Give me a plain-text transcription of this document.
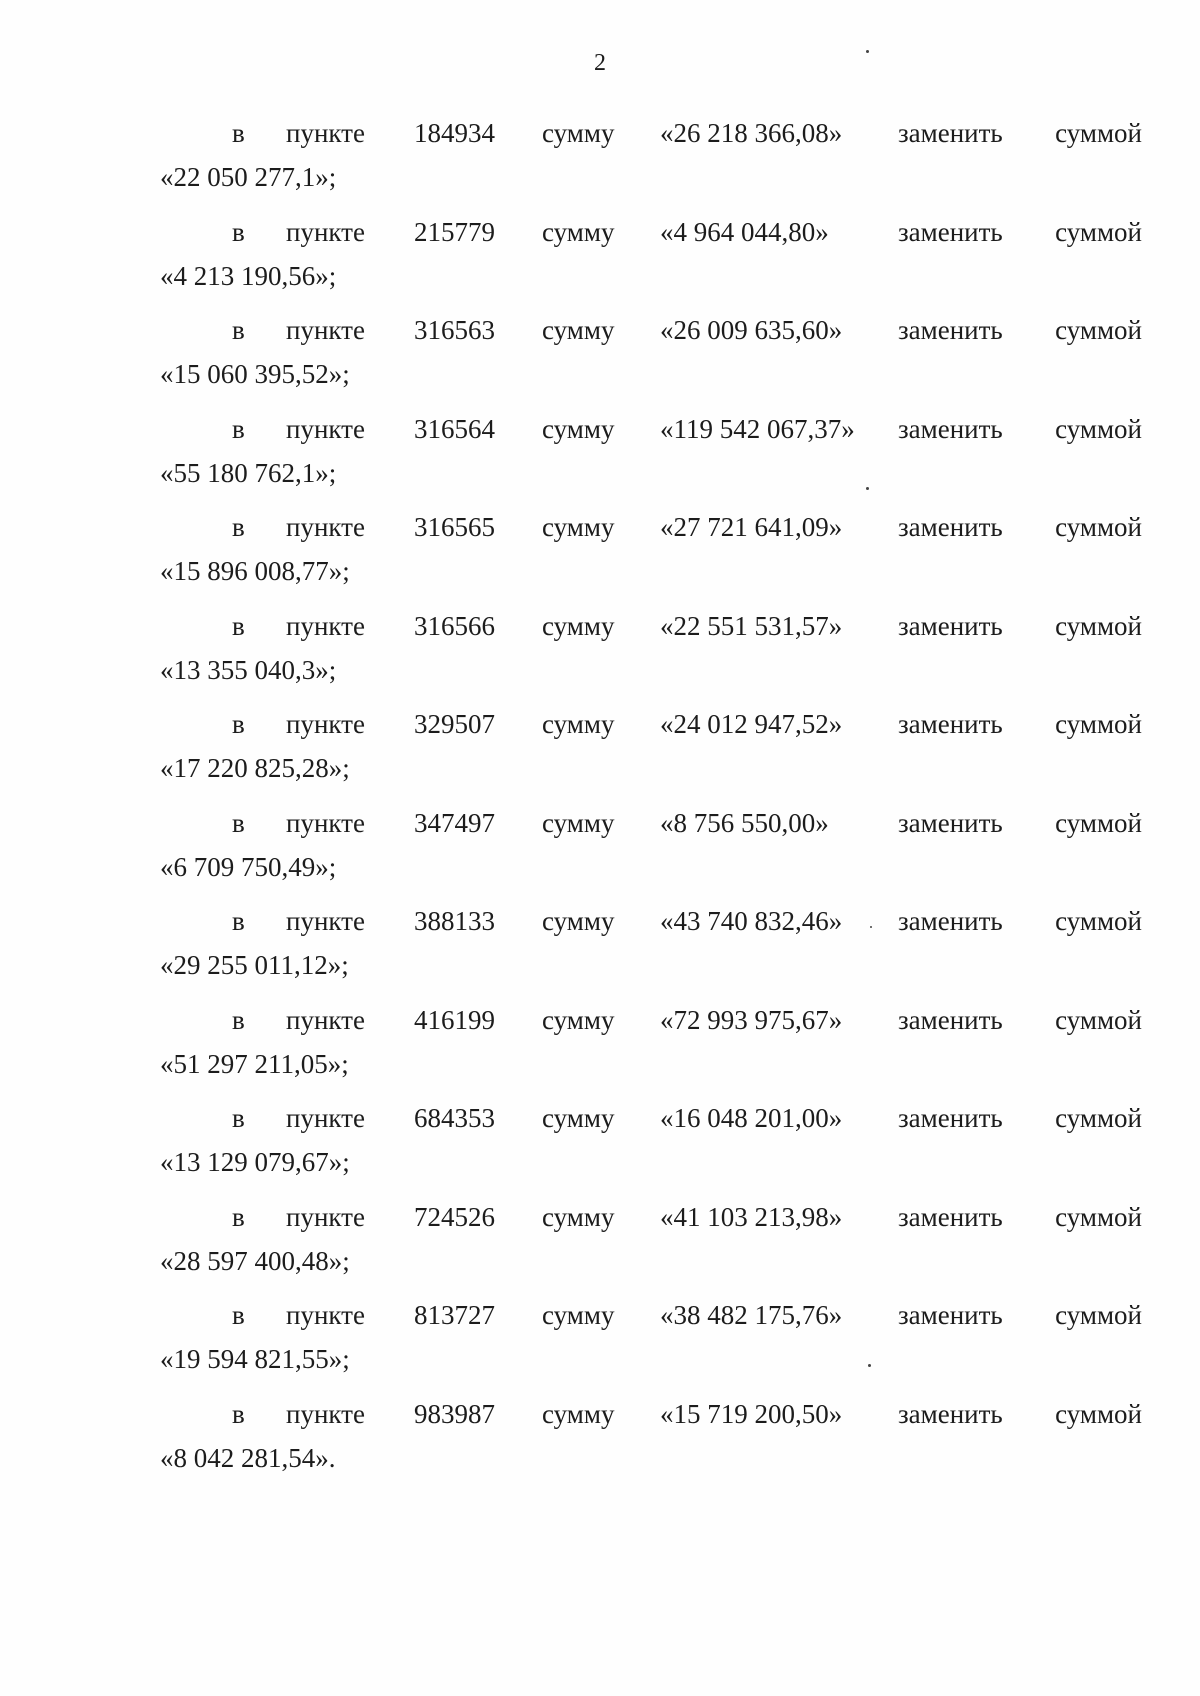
2
в пункте 184934 сумму «26 218 366,08» заменить суммой
«22 050 277,1»;
в пункте 215779 сумму «4 964 044,80»	заменить суммой
«4 213 190,56»;
в пункте 316563 сумму «26 009 635,60» заменить суммой
«15 060 395,52»;
в пункте 316564 сумму «119 542 067,37» заменить суммой
«55 180 762,1»;
в пункте 316565 сумму «27 721 641,09» заменить суммой
«15 896 008,77»;
в пункте 316566 сумму «22 551 531,57» заменить суммой
«13 355 040,3»;
в пункте 329507 сумму «24 012 947,52» заменить суммой
«17 220 825,28»;
в пункте 347497 сумму «8 756 550,00»	заменить суммой
«6 709 750,49»;
в пункте 388133 сумму «43 740 832,46» заменить суммой
«29 255 011,12»;
в пункте 416199 сумму «72 993 975,67» заменить суммой
«51 297 211,05»;
в пункте 684353 сумму «16 048 201,00» заменить суммой
«13 129 079,67»;
в пункте 724526 сумму «41 103 213,98» заменить суммой
«28 597 400,48»;
в пункте 813727 сумму «38 482 175,76» заменить суммой
«19 594 821,55»;
в пункте 983987 сумму «15 719 200,50» заменить суммой
«8 042 281,54».
